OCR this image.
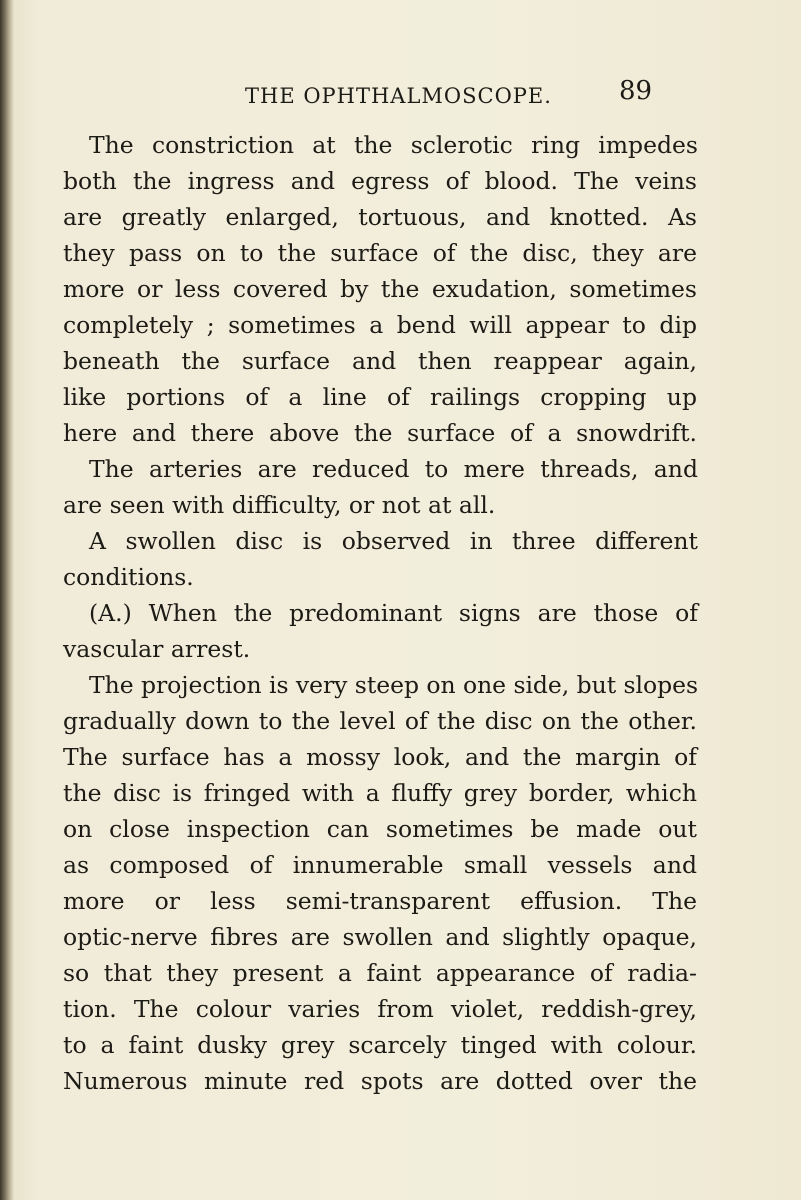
THE OPHTHALMOSCOPE.	89
The constriction at the sclerotic ring impedes
both the ingress and egress of blood. The veins
are greatly enlarged, tortuous, and knotted. As
they pass on to the surface of the disc, they are
more or less covered by the exudation, sometimes
completely ; sometimes a bend will appear to dip
beneath the surface and then reappear again,
like portions of a line of railings cropping up
here and there above the surface of a snowdrift.
The arteries are reduced to mere threads, and
are seen with difficulty, or not at all.
A swollen disc is observed in three different
conditions.
(A.) When the predominant signs are those of
vascular arrest.
The projection is very steep on one side, but slopes
gradually down to the level of the disc on the other.
The surface has a mossy look, and the margin of
the disc is fringed with a fluffy grey border, which
on close inspection can sometimes be made out
as composed of innumerable small vessels and
more or less semi-transparent effusion. The
optic-nerve fibres are swollen and slightly opaque,
so that they present a faint appearance of radia-
tion. The colour varies from violet, reddish-grey,
to a faint dusky grey scarcely tinged with colour.
Numerous minute red spots are dotted over the
